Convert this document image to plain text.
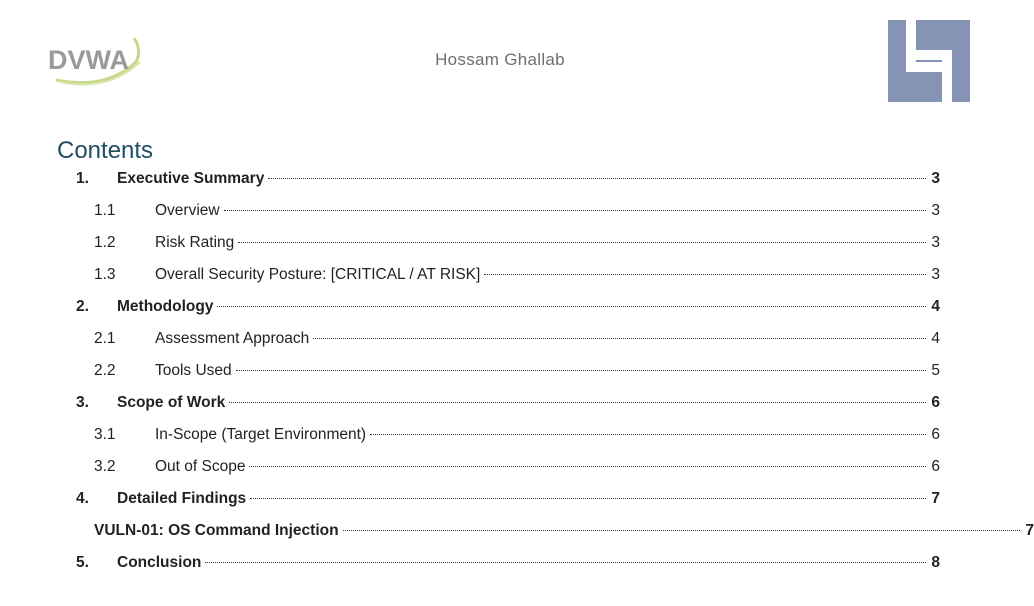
DVWA	Hossam Ghallab
Contents
1.	Executive Summary	3
1.1	Overview	3
1.2	Risk Rating	3
1.3	Overall Security Posture: [CRITICAL / AT RISK]	3
2.	Methodology	4
2.1	Assessment Approach	4
2.2	Tools Used	5
3.	Scope of Work	6
3.1	In-Scope (Target Environment)	6
3.2	Out of Scope	6
4.	Detailed Findings	7
VULN-01: OS Command Injection	7
5.	Conclusion	8
